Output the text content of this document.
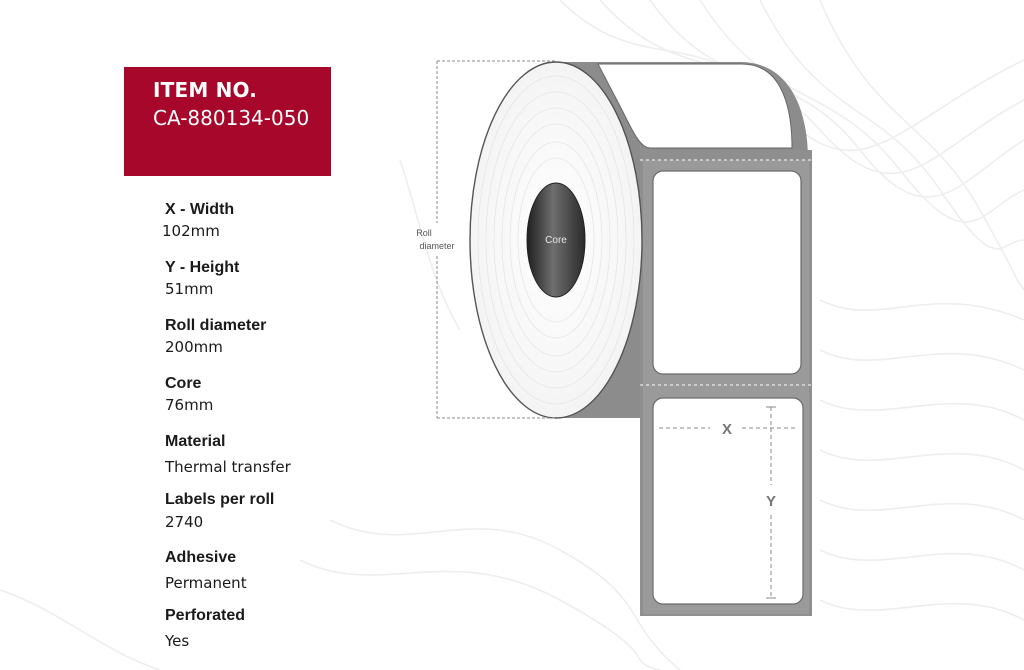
ITEM NO.
CA-880134-050
X - Width
102mm
Y - Height
51mm
Roll diameter
200mm
Core
76mm
Material
Thermal transfer
Labels per roll
2740
Adhesive
Permanent
Perforated
Yes
Core
Roll
diameter
X
Y
